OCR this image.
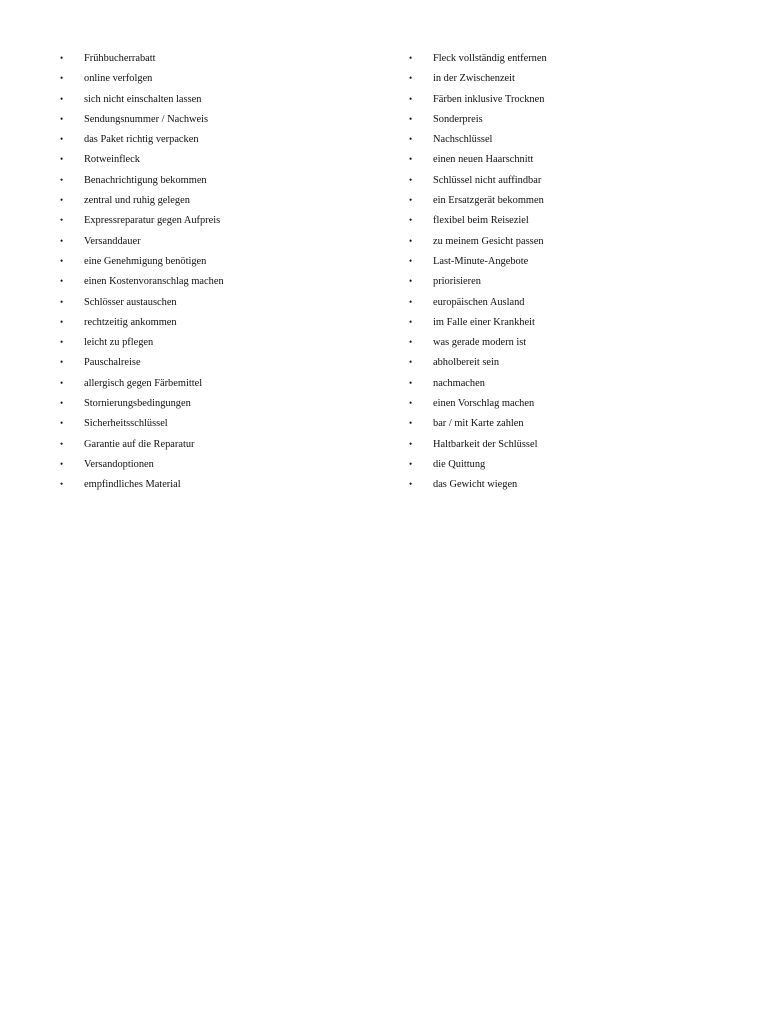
•	Frühbucherrabatt
•	online verfolgen
•	sich nicht einschalten lassen
•	Sendungsnummer / Nachweis
•	das Paket richtig verpacken
•	Rotweinfleck
•	Benachrichtigung bekommen
•	zentral und ruhig gelegen
•	Expressreparatur gegen Aufpreis
•	Versanddauer
•	eine Genehmigung benötigen
•	einen Kostenvoranschlag machen
•	Schlösser austauschen
•	rechtzeitig ankommen
•	leicht zu pflegen
•	Pauschalreise
•	allergisch gegen Färbemittel
•	Stornierungsbedingungen
•	Sicherheitsschlüssel
•	Garantie auf die Reparatur
•	Versandoptionen
•	empfindliches Material
•	Fleck vollständig entfernen
•	in der Zwischenzeit
•	Färben inklusive Trocknen
•	Sonderpreis
•	Nachschlüssel
•	einen neuen Haarschnitt
•	Schlüssel nicht auffindbar
•	ein Ersatzgerät bekommen
•	flexibel beim Reiseziel
•	zu meinem Gesicht passen
•	Last-Minute-Angebote
•	priorisieren
•	europäischen Ausland
•	im Falle einer Krankheit
•	was gerade modern ist
•	abholbereit sein
•	nachmachen
•	einen Vorschlag machen
•	bar / mit Karte zahlen
•	Haltbarkeit der Schlüssel
•	die Quittung
•	das Gewicht wiegen
